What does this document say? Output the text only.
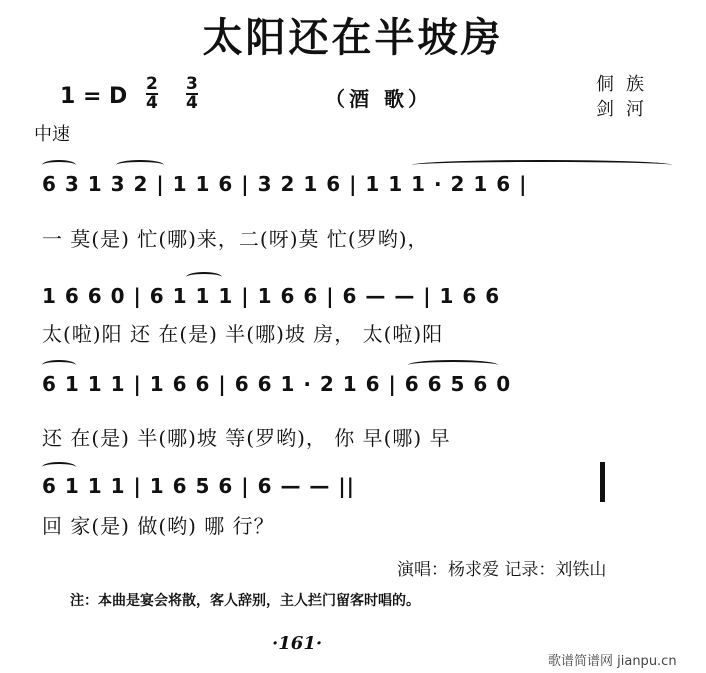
太阳还在半坡房
1 = D $\frac{2}{4} \frac{3}{4}$	（酒 歌）
侗族
剑河
中速
6 3 1 3 2 | 1 1 6 | 3 2 1 6 | 1 1 1 · 2 1 6 |
一 莫(是) 忙(哪)来，二(呀)莫 忙(罗哟)，
1 6 6 0 | 6 1 1 1 | 1 6 6 | 6 — — | 1 6 6
太(啦)阳 还 在(是) 半(哪)坡 房， 太(啦)阳
6 1 1 1 | 1 6 6 | 6 6 1 · 2 1 6 | 6 6 5 6 0
还 在(是) 半(哪)坡 等(罗哟)， 你 早(哪) 早
6 1 1 1 | 1 6 5 6 | 6 — — ||
回 家(是) 做(哟) 哪 行？
演唱：杨求爱 记录：刘铁山
注：本曲是宴会将散，客人辞别，主人拦门留客时唱的。
·161·
歌谱简谱网 jianpu.cn
